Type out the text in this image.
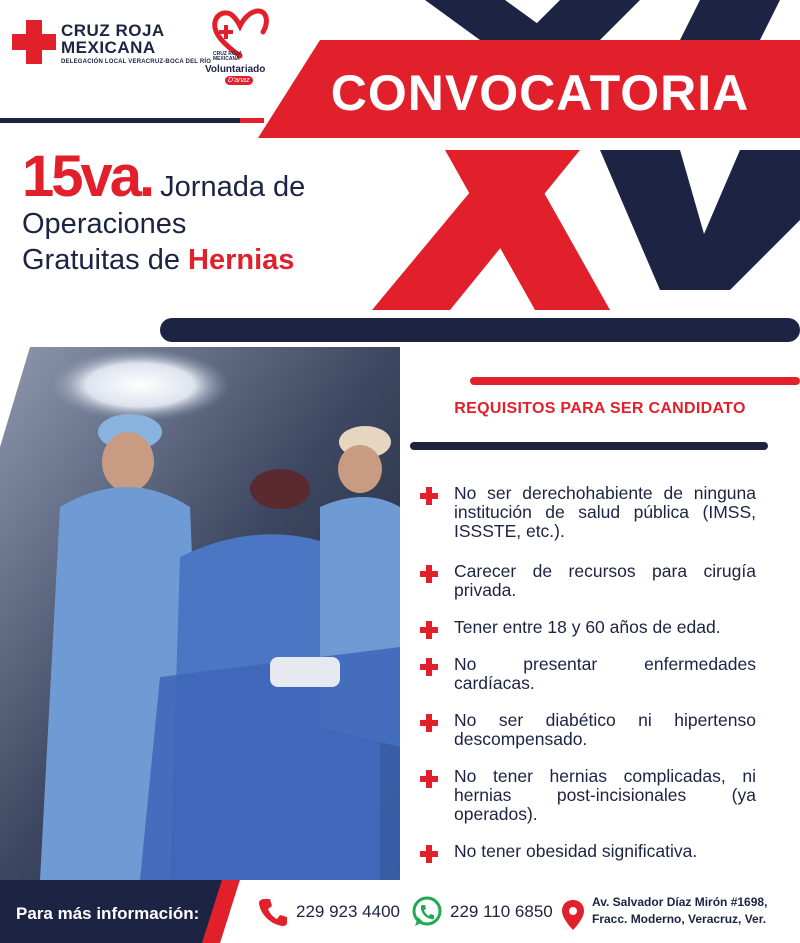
CRUZ ROJA
MEXICANA
DELEGACIÓN LOCAL VERACRUZ-BOCA DEL RÍO
CRUZ ROJA MEXICANA
Voluntariado
D'anaz	CONVOCATORIA
15va. Jornada de
Operaciones
Gratuitas de Hernias
REQUISITOS PARA SER CANDIDATO
No ser derechohabiente de ninguna institución de salud pública (IMSS, ISSSTE, etc.).
Carecer de recursos para cirugía privada.
Tener entre 18 y 60 años de edad.
No presentar enfermedades cardíacas.
No ser diabético ni hipertenso descompensado.
No tener hernias complicadas, ni hernias post-incisionales (ya operados).
No tener obesidad significativa.
Para más información:	229 923 4400	229 110 6850	Av. Salvador Díaz Mirón #1698,
Fracc. Moderno, Veracruz, Ver.
